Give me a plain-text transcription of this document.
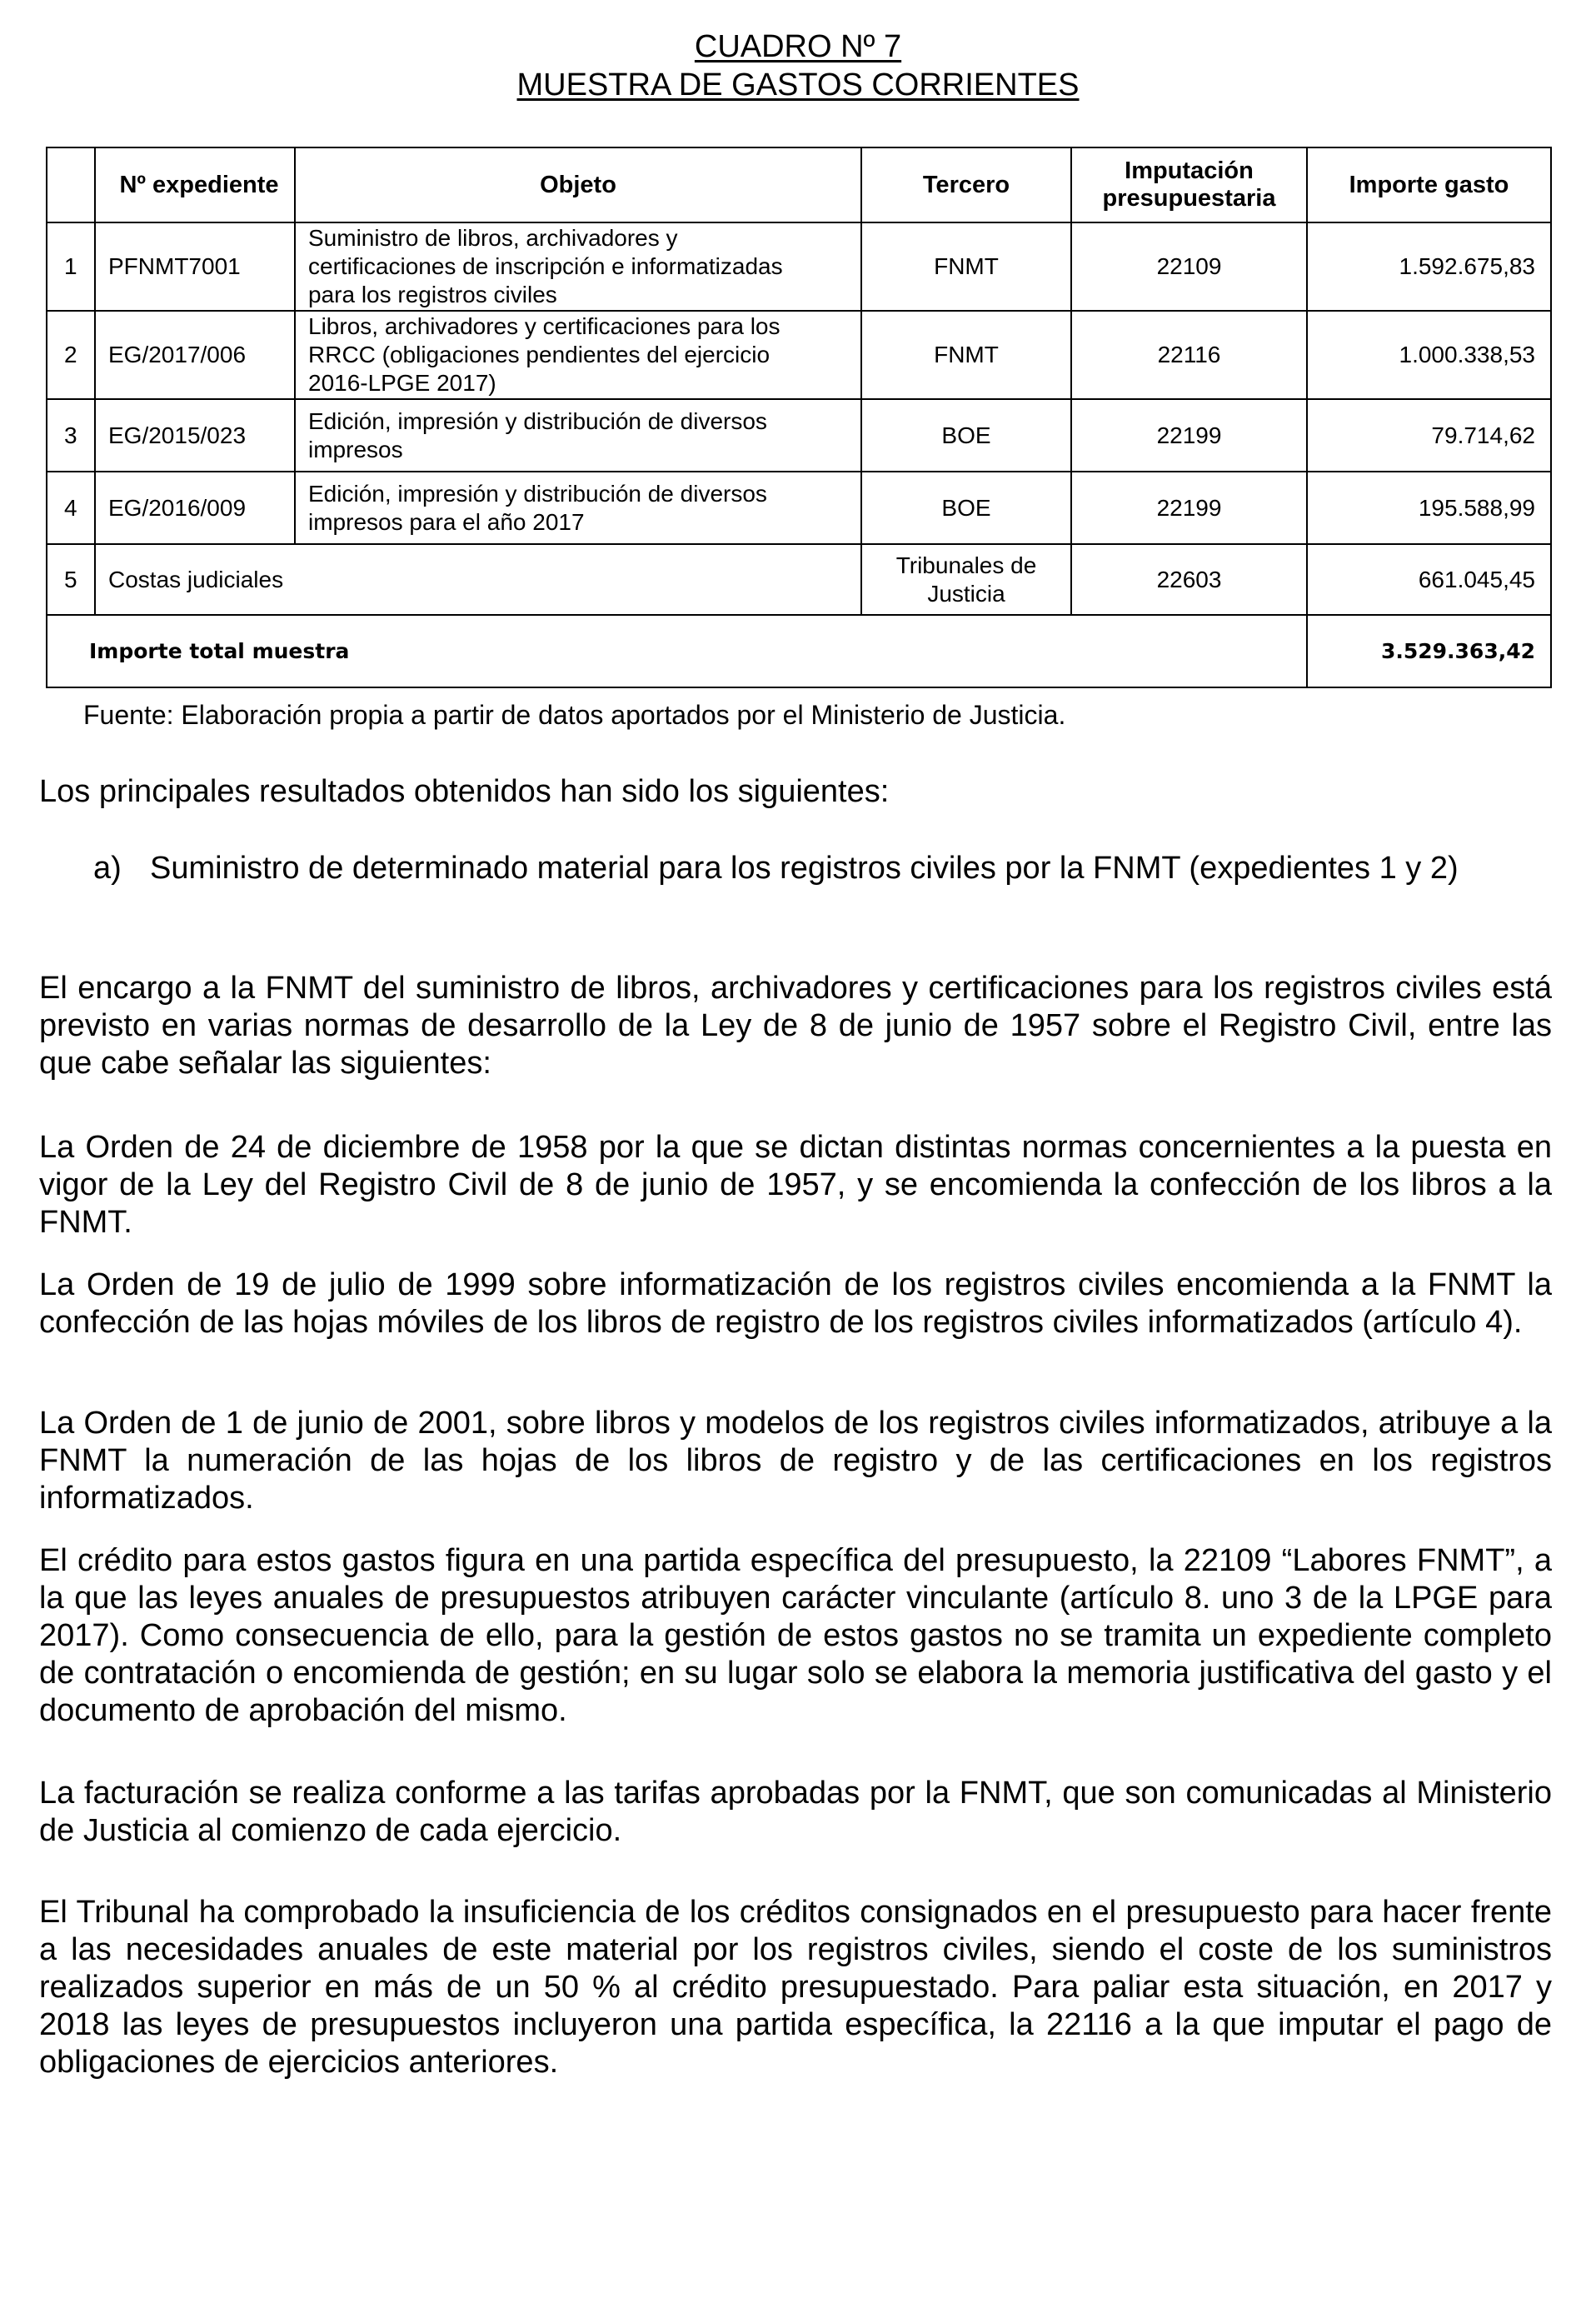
CUADRO Nº 7
MUESTRA DE GASTOS CORRIENTES
	Nº expediente	Objeto	Tercero	Imputación
presupuestaria	Importe gasto
1	PFNMT7001	Suministro de libros, archivadores y
certificaciones de inscripción e informatizadas
para los registros civiles	FNMT	22109	1.592.675,83
2	EG/2017/006	Libros, archivadores y certificaciones para los
RRCC (obligaciones pendientes del ejercicio
2016-LPGE 2017)	FNMT	22116	1.000.338,53
3	EG/2015/023	Edición, impresión y distribución de diversos
impresos	BOE	22199	79.714,62
4	EG/2016/009	Edición, impresión y distribución de diversos
impresos para el año 2017	BOE	22199	195.588,99
5	Costas judiciales		Tribunales de
Justicia	22603	661.045,45
Importe total muestra					3.529.363,42
Fuente: Elaboración propia a partir de datos aportados por el Ministerio de Justicia.
Los principales resultados obtenidos han sido los siguientes:
a) Suministro de determinado material para los registros civiles por la FNMT (expedientes 1 y 2)
El encargo a la FNMT del suministro de libros, archivadores y certificaciones para los registros civiles está previsto en varias normas de desarrollo de la Ley de 8 de junio de 1957 sobre el Registro Civil, entre las que cabe señalar las siguientes:
La Orden de 24 de diciembre de 1958 por la que se dictan distintas normas concernientes a la puesta en vigor de la Ley del Registro Civil de 8 de junio de 1957, y se encomienda la confección de los libros a la FNMT.
La Orden de 19 de julio de 1999 sobre informatización de los registros civiles encomienda a la FNMT la confección de las hojas móviles de los libros de registro de los registros civiles informatizados (artículo 4).
La Orden de 1 de junio de 2001, sobre libros y modelos de los registros civiles informatizados, atribuye a la FNMT la numeración de las hojas de los libros de registro y de las certificaciones en los registros informatizados.
El crédito para estos gastos figura en una partida específica del presupuesto, la 22109 “Labores FNMT”, a la que las leyes anuales de presupuestos atribuyen carácter vinculante (artículo 8. uno 3 de la LPGE para 2017). Como consecuencia de ello, para la gestión de estos gastos no se tramita un expediente completo de contratación o encomienda de gestión; en su lugar solo se elabora la memoria justificativa del gasto y el documento de aprobación del mismo.
La facturación se realiza conforme a las tarifas aprobadas por la FNMT, que son comunicadas al Ministerio de Justicia al comienzo de cada ejercicio.
El Tribunal ha comprobado la insuficiencia de los créditos consignados en el presupuesto para hacer frente a las necesidades anuales de este material por los registros civiles, siendo el coste de los suministros realizados superior en más de un 50 % al crédito presupuestado. Para paliar esta situación, en 2017 y 2018 las leyes de presupuestos incluyeron una partida específica, la 22116 a la que imputar el pago de obligaciones de ejercicios anteriores.
